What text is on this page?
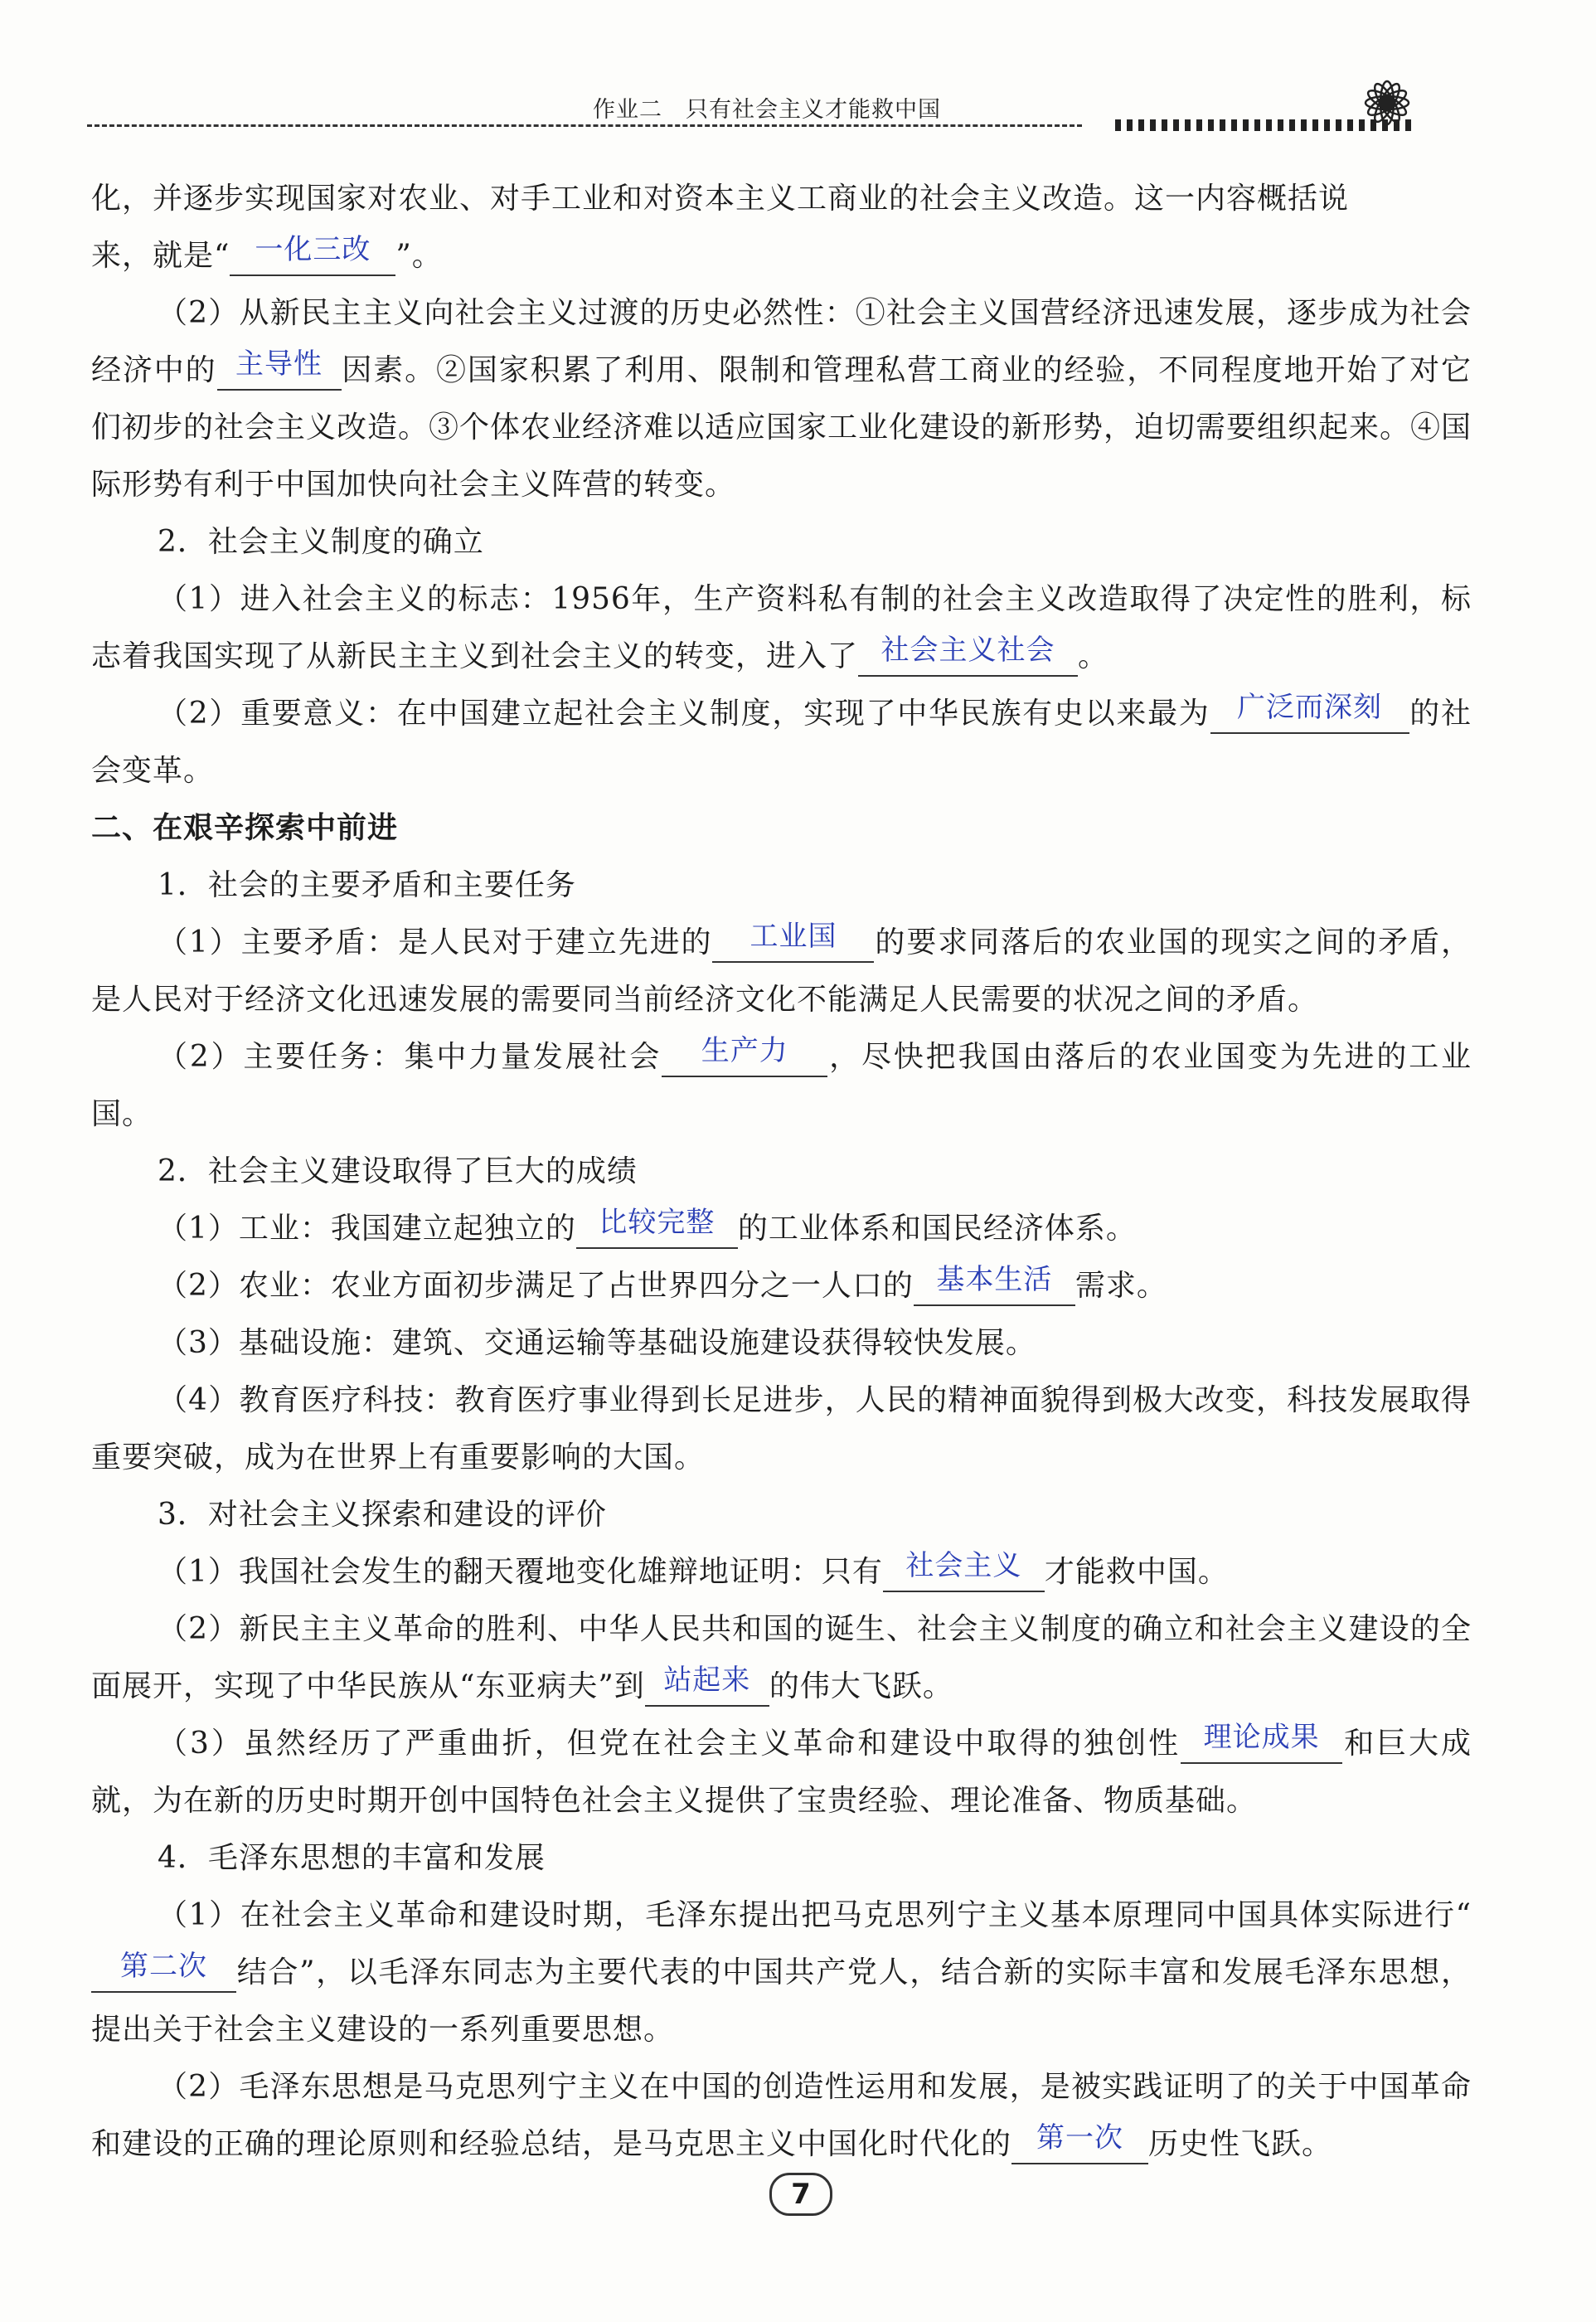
作业二　只有社会主义才能救中国

化，并逐步实现国家对农业、对手工业和对资本主义工商业的社会主义改造。这一内容概括说

来，就是“ 一化三改 ”。

（2）从新民主主义向社会主义过渡的历史必然性：①社会主义国营经济迅速发展，逐步成为社会经济中的 主导性 因素。②国家积累了利用、限制和管理私营工商业的经验，不同程度地开始了对它们初步的社会主义改造。③个体农业经济难以适应国家工业化建设的新形势，迫切需要组织起来。④国际形势有利于中国加快向社会主义阵营的转变。

2．社会主义制度的确立

（1）进入社会主义的标志：1956年，生产资料私有制的社会主义改造取得了决定性的胜利，标志着我国实现了从新民主主义到社会主义的转变，进入了 社会主义社会 。

（2）重要意义：在中国建立起社会主义制度，实现了中华民族有史以来最为 广泛而深刻 的社会变革。

二、在艰辛探索中前进

1．社会的主要矛盾和主要任务

（1）主要矛盾：是人民对于建立先进的 工业国 的要求同落后的农业国的现实之间的矛盾，是人民对于经济文化迅速发展的需要同当前经济文化不能满足人民需要的状况之间的矛盾。

（2）主要任务：集中力量发展社会 生产力 ，尽快把我国由落后的农业国变为先进的工业国。

2．社会主义建设取得了巨大的成绩

（1）工业：我国建立起独立的 比较完整 的工业体系和国民经济体系。

（2）农业：农业方面初步满足了占世界四分之一人口的 基本生活 需求。

（3）基础设施：建筑、交通运输等基础设施建设获得较快发展。

（4）教育医疗科技：教育医疗事业得到长足进步，人民的精神面貌得到极大改变，科技发展取得重要突破，成为在世界上有重要影响的大国。

3．对社会主义探索和建设的评价

（1）我国社会发生的翻天覆地变化雄辩地证明：只有 社会主义 才能救中国。

（2）新民主主义革命的胜利、中华人民共和国的诞生、社会主义制度的确立和社会主义建设的全面展开，实现了中华民族从“东亚病夫”到 站起来 的伟大飞跃。

（3）虽然经历了严重曲折，但党在社会主义革命和建设中取得的独创性 理论成果 和巨大成就，为在新的历史时期开创中国特色社会主义提供了宝贵经验、理论准备、物质基础。

4．毛泽东思想的丰富和发展

（1）在社会主义革命和建设时期，毛泽东提出把马克思列宁主义基本原理同中国具体实际进行“第二次 结合”，以毛泽东同志为主要代表的中国共产党人，结合新的实际丰富和发展毛泽东思想，提出关于社会主义建设的一系列重要思想。

（2）毛泽东思想是马克思列宁主义在中国的创造性运用和发展，是被实践证明了的关于中国革命和建设的正确的理论原则和经验总结，是马克思主义中国化时代化的 第一次 历史性飞跃。

7
